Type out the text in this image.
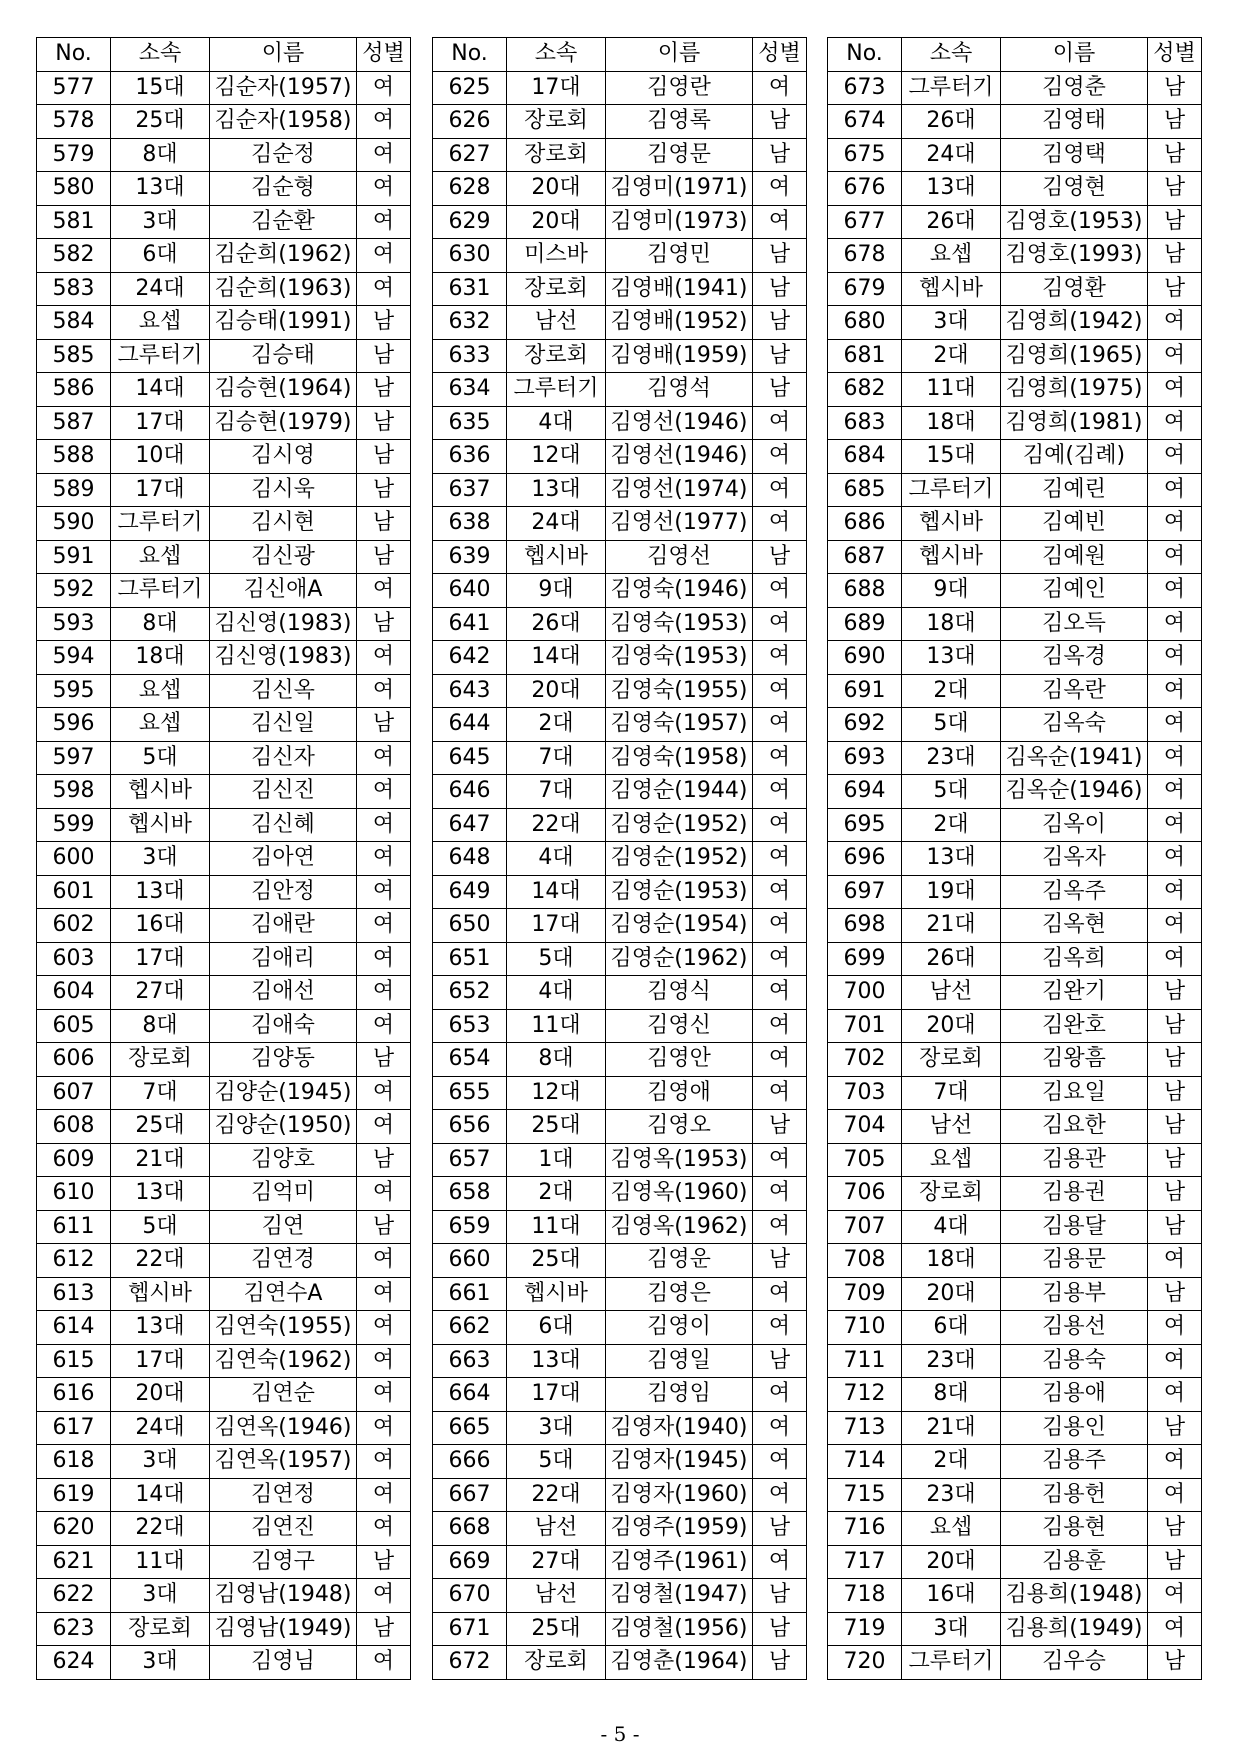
No.	소속	이름	성별
577	15대	김순자(1957)	여
578	25대	김순자(1958)	여
579	8대	김순정	여
580	13대	김순형	여
581	3대	김순환	여
582	6대	김순희(1962)	여
583	24대	김순희(1963)	여
584	요셉	김승태(1991)	남
585	그루터기	김승태	남
586	14대	김승현(1964)	남
587	17대	김승현(1979)	남
588	10대	김시영	남
589	17대	김시욱	남
590	그루터기	김시현	남
591	요셉	김신광	남
592	그루터기	김신애A	여
593	8대	김신영(1983)	남
594	18대	김신영(1983)	여
595	요셉	김신옥	여
596	요셉	김신일	남
597	5대	김신자	여
598	헵시바	김신진	여
599	헵시바	김신혜	여
600	3대	김아연	여
601	13대	김안정	여
602	16대	김애란	여
603	17대	김애리	여
604	27대	김애선	여
605	8대	김애숙	여
606	장로회	김양동	남
607	7대	김양순(1945)	여
608	25대	김양순(1950)	여
609	21대	김양호	남
610	13대	김억미	여
611	5대	김연	남
612	22대	김연경	여
613	헵시바	김연수A	여
614	13대	김연숙(1955)	여
615	17대	김연숙(1962)	여
616	20대	김연순	여
617	24대	김연옥(1946)	여
618	3대	김연옥(1957)	여
619	14대	김연정	여
620	22대	김연진	여
621	11대	김영구	남
622	3대	김영남(1948)	여
623	장로회	김영남(1949)	남
624	3대	김영님	여
No.	소속	이름	성별
625	17대	김영란	여
626	장로회	김영록	남
627	장로회	김영문	남
628	20대	김영미(1971)	여
629	20대	김영미(1973)	여
630	미스바	김영민	남
631	장로회	김영배(1941)	남
632	남선	김영배(1952)	남
633	장로회	김영배(1959)	남
634	그루터기	김영석	남
635	4대	김영선(1946)	여
636	12대	김영선(1946)	여
637	13대	김영선(1974)	여
638	24대	김영선(1977)	여
639	헵시바	김영선	남
640	9대	김영숙(1946)	여
641	26대	김영숙(1953)	여
642	14대	김영숙(1953)	여
643	20대	김영숙(1955)	여
644	2대	김영숙(1957)	여
645	7대	김영숙(1958)	여
646	7대	김영순(1944)	여
647	22대	김영순(1952)	여
648	4대	김영순(1952)	여
649	14대	김영순(1953)	여
650	17대	김영순(1954)	여
651	5대	김영순(1962)	여
652	4대	김영식	여
653	11대	김영신	여
654	8대	김영안	여
655	12대	김영애	여
656	25대	김영오	남
657	1대	김영옥(1953)	여
658	2대	김영옥(1960)	여
659	11대	김영옥(1962)	여
660	25대	김영운	남
661	헵시바	김영은	여
662	6대	김영이	여
663	13대	김영일	남
664	17대	김영임	여
665	3대	김영자(1940)	여
666	5대	김영자(1945)	여
667	22대	김영자(1960)	여
668	남선	김영주(1959)	남
669	27대	김영주(1961)	여
670	남선	김영철(1947)	남
671	25대	김영철(1956)	남
672	장로회	김영춘(1964)	남
No.	소속	이름	성별
673	그루터기	김영춘	남
674	26대	김영태	남
675	24대	김영택	남
676	13대	김영현	남
677	26대	김영호(1953)	남
678	요셉	김영호(1993)	남
679	헵시바	김영환	남
680	3대	김영희(1942)	여
681	2대	김영희(1965)	여
682	11대	김영희(1975)	여
683	18대	김영희(1981)	여
684	15대	김예(김례)	여
685	그루터기	김예린	여
686	헵시바	김예빈	여
687	헵시바	김예원	여
688	9대	김예인	여
689	18대	김오득	여
690	13대	김옥경	여
691	2대	김옥란	여
692	5대	김옥숙	여
693	23대	김옥순(1941)	여
694	5대	김옥순(1946)	여
695	2대	김옥이	여
696	13대	김옥자	여
697	19대	김옥주	여
698	21대	김옥현	여
699	26대	김옥희	여
700	남선	김완기	남
701	20대	김완호	남
702	장로회	김왕흠	남
703	7대	김요일	남
704	남선	김요한	남
705	요셉	김용관	남
706	장로회	김용권	남
707	4대	김용달	남
708	18대	김용문	여
709	20대	김용부	남
710	6대	김용선	여
711	23대	김용숙	여
712	8대	김용애	여
713	21대	김용인	남
714	2대	김용주	여
715	23대	김용헌	여
716	요셉	김용현	남
717	20대	김용훈	남
718	16대	김용희(1948)	여
719	3대	김용희(1949)	여
720	그루터기	김우승	남
- 5 -
